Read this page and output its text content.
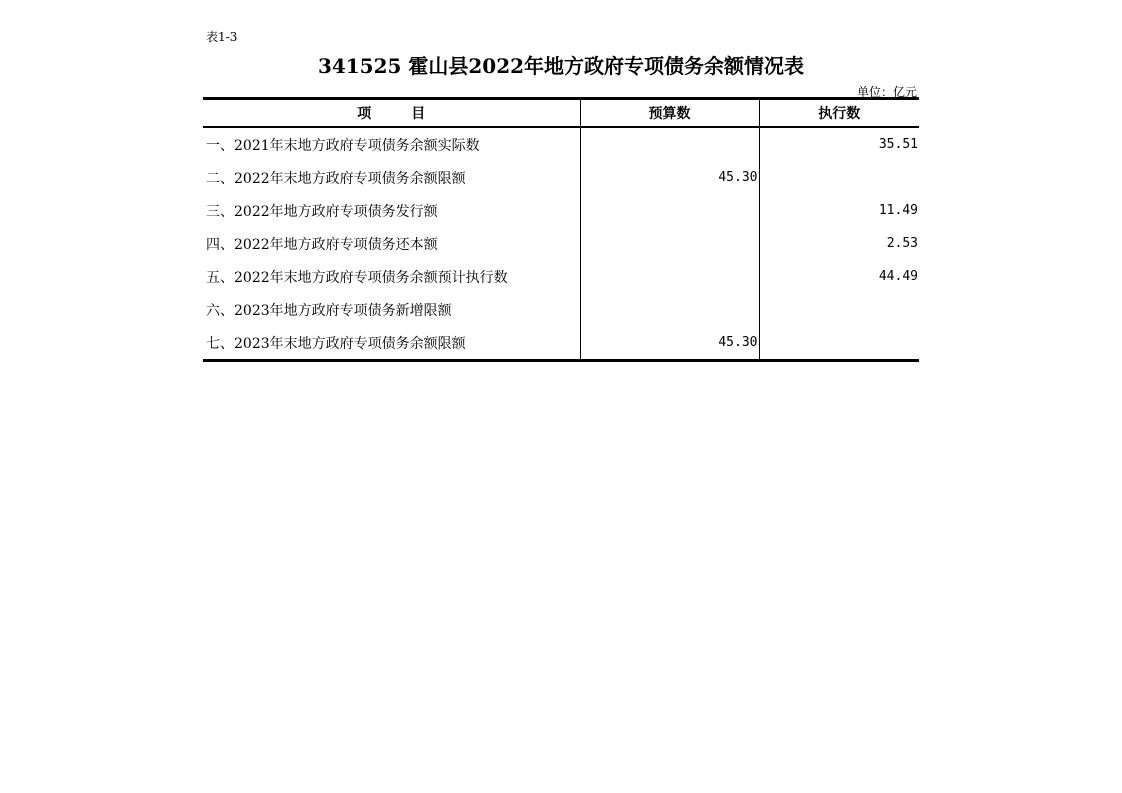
表1-3
341525 霍山县2022年地方政府专项债务余额情况表
单位：亿元
项 目	预算数	执行数
一、2021年末地方政府专项债务余额实际数		35.51
二、2022年末地方政府专项债务余额限额	45.30	
三、2022年地方政府专项债务发行额		11.49
四、2022年地方政府专项债务还本额		2.53
五、2022年末地方政府专项债务余额预计执行数		44.49
六、2023年地方政府专项债务新增限额		
七、2023年末地方政府专项债务余额限额	45.30	
